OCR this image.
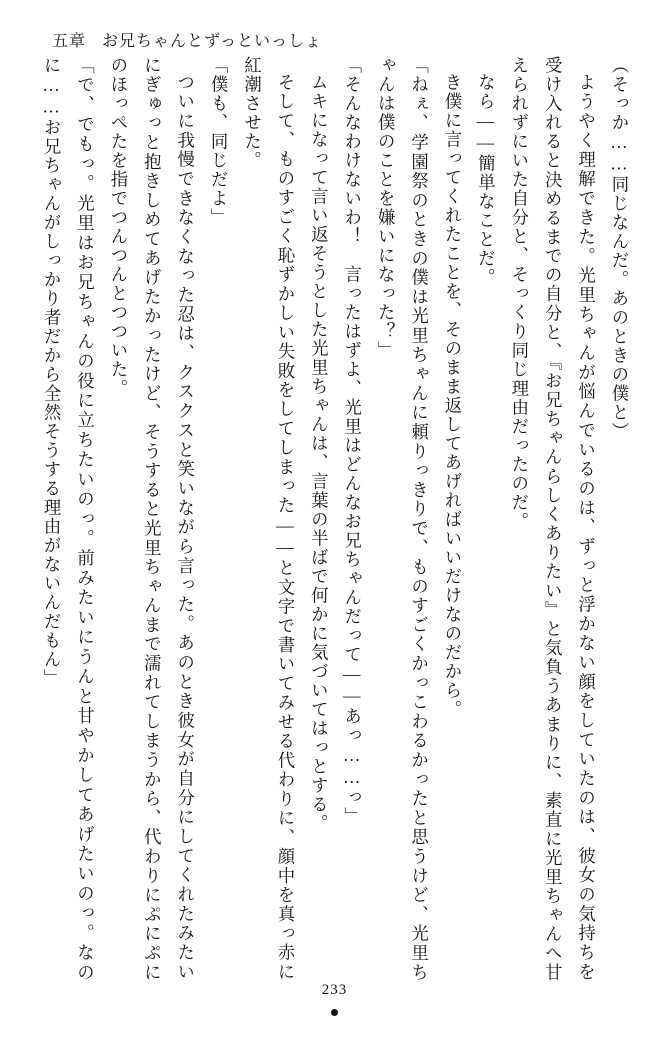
五章 お兄ちゃんとずっといっしょ

（そっか……同じなんだ。あのときの僕と）

ようやく理解できた。光里ちゃんが悩んでいるのは、ずっと浮かない顔をしていたのは、彼女の気持ちを受け入れると決めるまでの自分と、『お兄ちゃんらしくありたい』と気負うあまりに、素直に光里ちゃんへ甘えられずにいた自分と、そっくり同じ理由だったのだ。

なら——簡単なことだ。

き僕に言ってくれたことを、そのまま返してあげればいいだけなのだから。

「ねぇ、学園祭のときの僕は光里ちゃんに頼りっきりで、ものすごくかっこわるかったと思うけど、光里ちゃんは僕のことを嫌いになった？」

「そんなわけないわ！　言ったはずよ、光里はどんなお兄ちゃんだって——あっ……っ」

ムキになって言い返そうとした光里ちゃんは、言葉の半ばで何かに気づいてはっとする。

そして、ものすごく恥ずかしい失敗をしてしまった——と文字で書いてみせる代わりに、顔中を真っ赤に紅潮させた。

「僕も、同じだよ」

ついに我慢できなくなった忍は、クスクスと笑いながら言った。あのとき彼女が自分にしてくれたみたいにぎゅっと抱きしめてあげたかったけど、そうすると光里ちゃんまで濡れてしまうから、代わりにぷにぷにのほっぺたを指でつんつんとつついた。

「で、でもっ。光里はお兄ちゃんの役に立ちたいのっ。前みたいにうんと甘やかしてあげたいのっ。なのに……お兄ちゃんがしっかり者だから全然そうする理由がないんだもん」

233
